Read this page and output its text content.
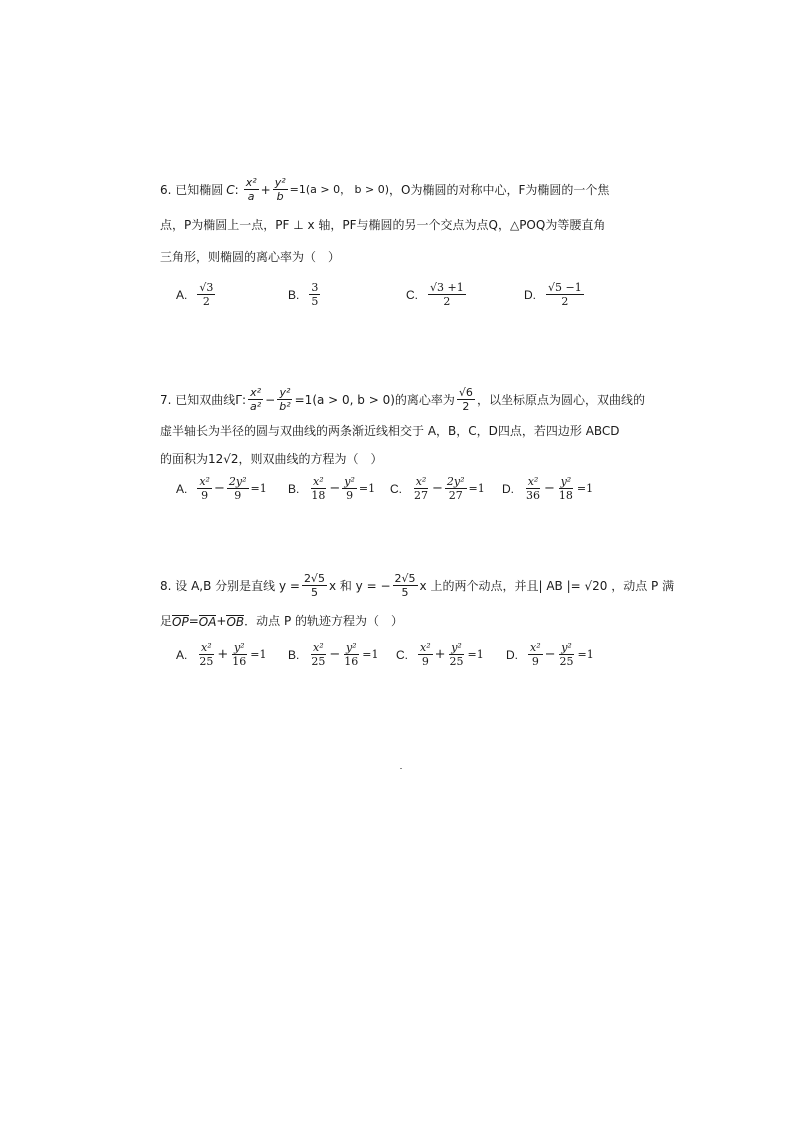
6. 已知椭圆 C : $\frac{\text{x²}}{a} + \frac{\text{y²}}{b} =1(a > 0$， b > 0) ，O为椭圆的对称中心，F为椭圆的一个焦
点，P为椭圆上一点，PF ⊥ x 轴，PF与椭圆的另一个交点为点Q，△POQ为等腰直角
三角形，则椭圆的离心率为（　）
A. $\frac{√3}{2}$	B. $\frac{3}{5}$	C. $\frac{√3 +1}{2}$	D. $\frac{√5 -1}{2}$
7. 已知双曲线Γ: $\frac{\text{x²}}{\text{a²}} - \frac{\text{y²}}{\text{b²}} =1(a > 0$, b > 0)的离心率为 $\frac{√6}{2}$ ，以坐标原点为圆心，双曲线的
虚半轴长为半径的圆与双曲线的两条渐近线相交于 A，B，C，D四点，若四边形 ABCD
的面积为12√2，则双曲线的方程为（　）
A. $\frac{\text{x²}}{9} - \frac{\text{2y²}}{9} =1$ B. $\frac{\text{x²}}{18} - \frac{\text{y²}}{9} =1$ C. $\frac{\text{x²}}{27} - \frac{\text{2y²}}{27} =1$ D. $\frac{\text{x²}}{36} - \frac{\text{y²}}{18} =1$
8. 设 A,B 分别是直线 $y = \frac{2√5}{5}$ x 和 y = − $\frac{2√5}{5}$ x 上的两个动点，并且| AB |= √20 ，动点 P 满
足 OP = OA + OB ．动点 P 的轨迹方程为（　）
A. $\frac{\text{x²}}{25} + \frac{\text{y²}}{16} =1$ B. $\frac{\text{x²}}{25} - \frac{\text{y²}}{16} =1$ C. $\frac{\text{x²}}{9} + \frac{\text{y²}}{25} =1$ D. $\frac{\text{x²}}{9} - \frac{\text{y²}}{25} =1$
